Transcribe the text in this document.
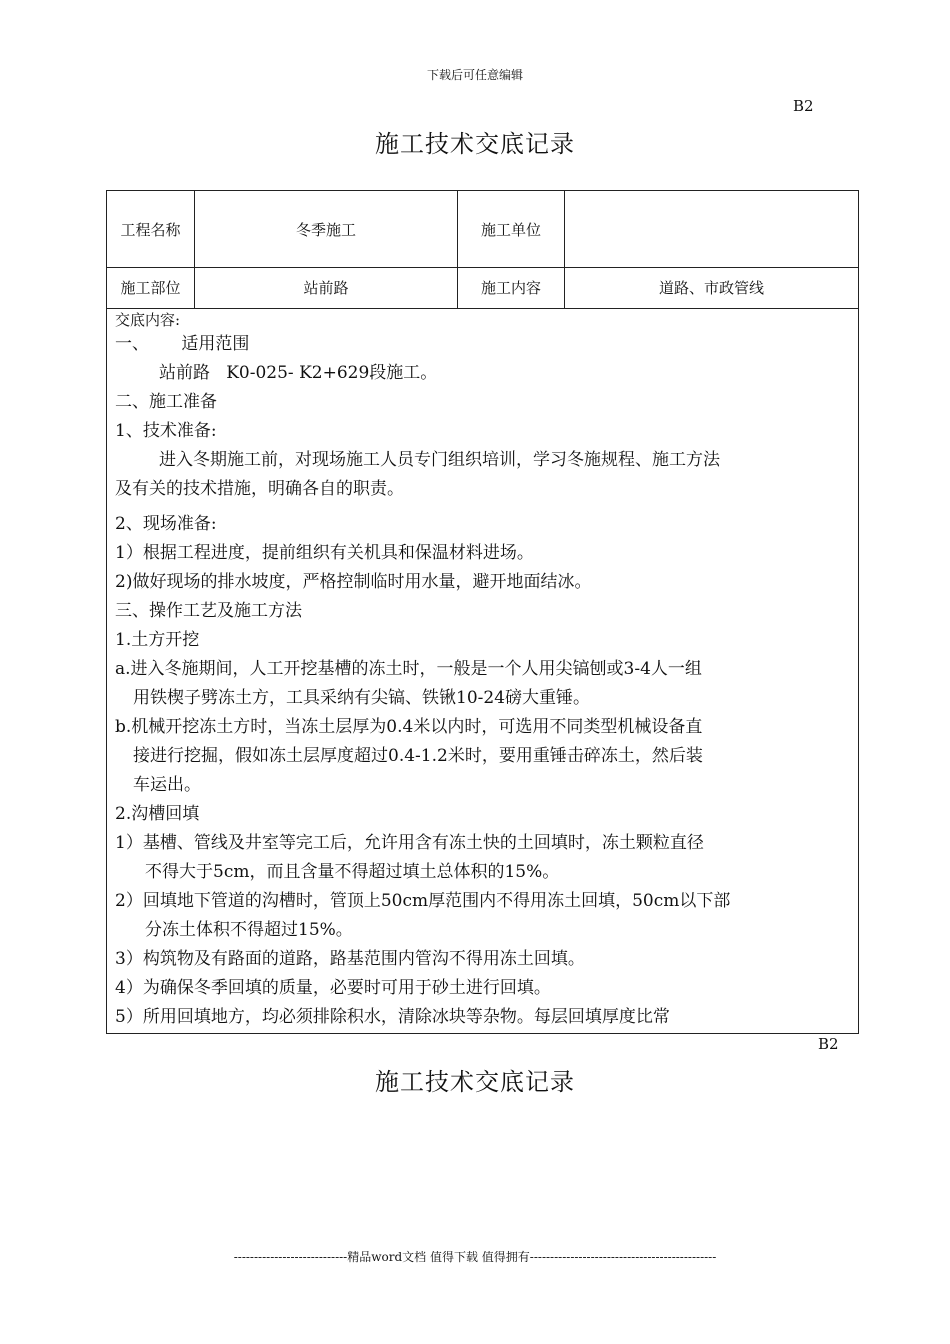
下载后可任意编辑
B2
施工技术交底记录
工程名称	冬季施工	施工单位
施工部位	站前路	施工内容	道路、市政管线
交底内容:
一、      适用范围
站前路   K0-025- K2+629段施工。
二、施工准备
1、技术准备:
进入冬期施工前，对现场施工人员专门组织培训，学习冬施规程、施工方法
及有关的技术措施，明确各自的职责。
2、现场准备:
1）根据工程进度，提前组织有关机具和保温材料进场。
2)做好现场的排水坡度，严格控制临时用水量，避开地面结冰。
三、操作工艺及施工方法
1.土方开挖
a.进入冬施期间，人工开挖基槽的冻土时，一般是一个人用尖镐刨或3-4人一组
用铁楔子劈冻土方，工具采纳有尖镐、铁锹10-24磅大重锤。
b.机械开挖冻土方时，当冻土层厚为0.4米以内时，可选用不同类型机械设备直
接进行挖掘，假如冻土层厚度超过0.4-1.2米时，要用重锤击碎冻土，然后装
车运出。
2.沟槽回填
1）基槽、管线及井室等完工后，允许用含有冻土快的土回填时，冻土颗粒直径
不得大于5cm，而且含量不得超过填土总体积的15%。
2）回填地下管道的沟槽时，管顶上50cm厚范围内不得用冻土回填，50cm以下部
分冻土体积不得超过15%。
3）构筑物及有路面的道路，路基范围内管沟不得用冻土回填。
4）为确保冬季回填的质量，必要时可用于砂土进行回填。
5）所用回填地方，均必须排除积水，清除冰块等杂物。每层回填厚度比常
B2
施工技术交底记录
----------------------------精品word文档 值得下载 值得拥有----------------------------------------------
